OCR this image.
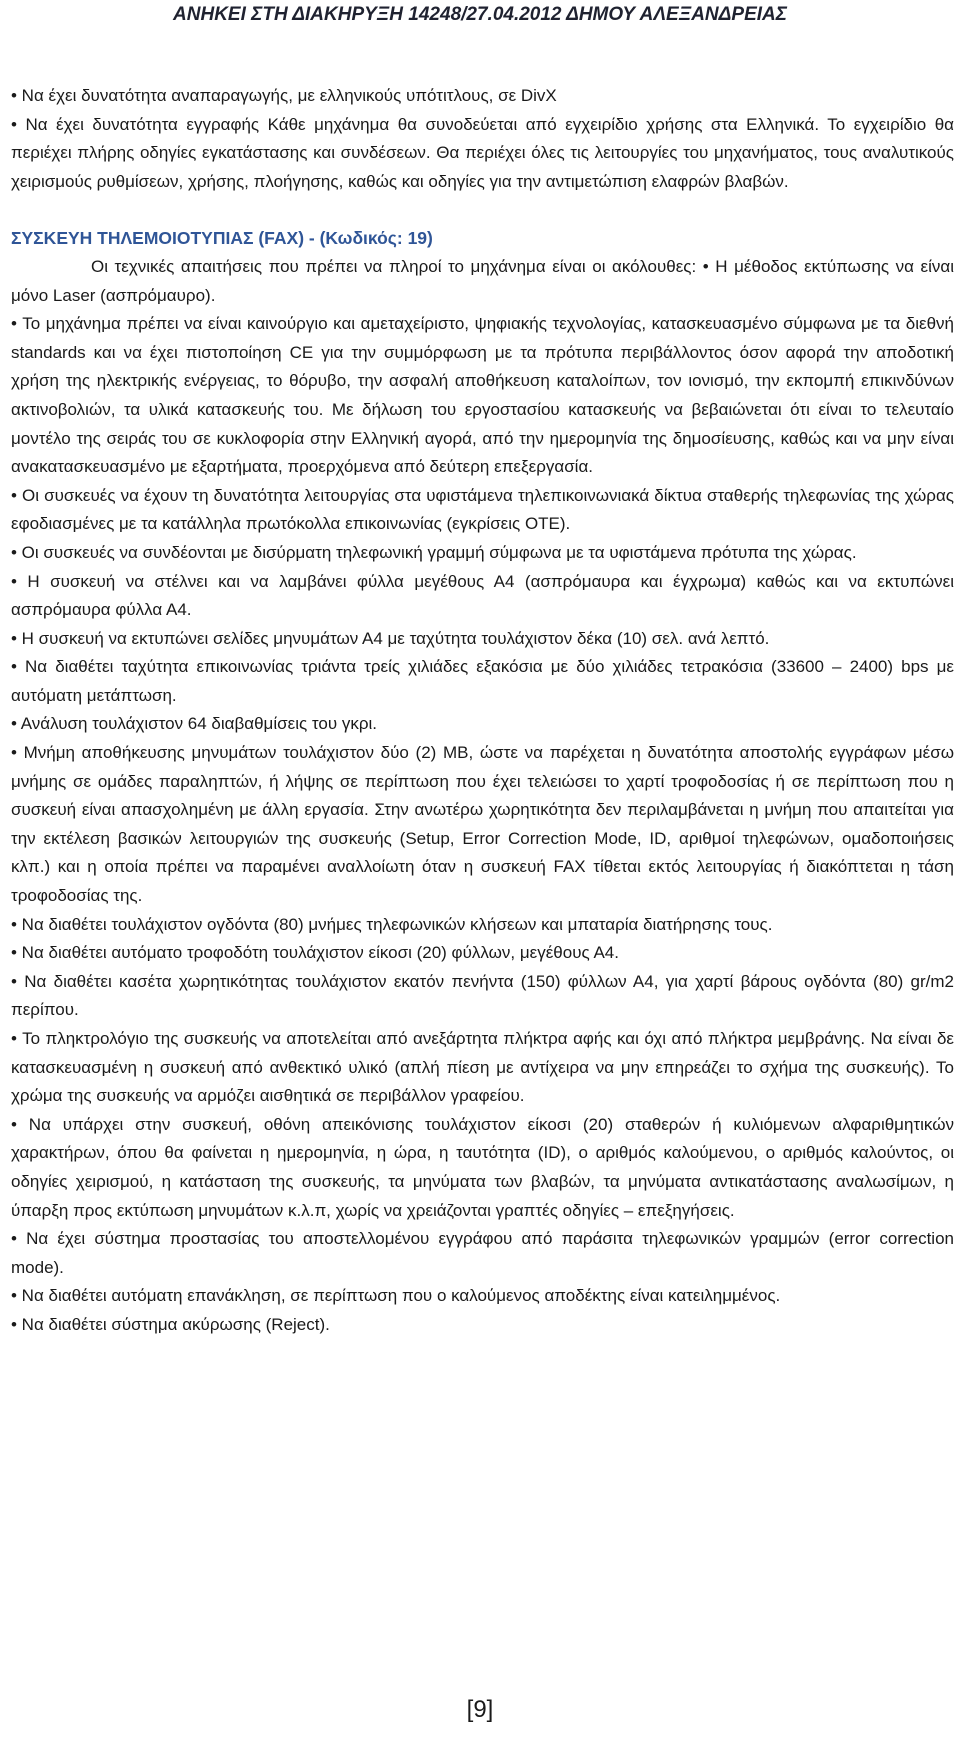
ΑΝΗΚΕΙ ΣΤΗ ΔΙΑΚΗΡΥΞΗ 14248/27.04.2012 ΔΗΜΟΥ ΑΛΕΞΑΝΔΡΕΙΑΣ

• Να έχει δυνατότητα αναπαραγωγής, με ελληνικούς υπότιτλους, σε DivX

• Να έχει δυνατότητα εγγραφής Κάθε μηχάνημα θα συνοδεύεται από εγχειρίδιο χρήσης στα Ελληνικά. Το εγχειρίδιο θα περιέχει πλήρης οδηγίες εγκατάστασης και συνδέσεων. Θα περιέχει όλες τις λειτουργίες του μηχανήματος, τους αναλυτικούς χειρισμούς ρυθμίσεων, χρήσης, πλοήγησης, καθώς και οδηγίες για την αντιμετώπιση ελαφρών βλαβών.

ΣΥΣΚΕΥΗ ΤΗΛΕΜΟΙΟΤΥΠΙΑΣ (FAX) - (Κωδικός: 19)

Οι τεχνικές απαιτήσεις που πρέπει να πληροί το μηχάνημα είναι οι ακόλουθες: • Η μέθοδος εκτύπωσης να είναι μόνο Laser (ασπρόμαυρο).

• Το μηχάνημα πρέπει να είναι καινούργιο και αμεταχείριστο, ψηφιακής τεχνολογίας, κατασκευασμένο σύμφωνα με τα διεθνή standards και να έχει πιστοποίηση CE για την συμμόρφωση με τα πρότυπα περιβάλλοντος όσον αφορά την αποδοτική χρήση της ηλεκτρικής ενέργειας, το θόρυβο, την ασφαλή αποθήκευση καταλοίπων, τον ιονισμό, την εκπομπή επικινδύνων ακτινοβολιών, τα υλικά κατασκευής του. Με δήλωση του εργοστασίου κατασκευής να βεβαιώνεται ότι είναι το τελευταίο μοντέλο της σειράς του σε κυκλοφορία στην Ελληνική αγορά, από την ημερομηνία της δημοσίευσης, καθώς και να μην είναι ανακατασκευασμένο με εξαρτήματα, προερχόμενα από δεύτερη επεξεργασία.

• Οι συσκευές να έχουν τη δυνατότητα λειτουργίας στα υφιστάμενα τηλεπικοινωνιακά δίκτυα σταθερής τηλεφωνίας της χώρας εφοδιασμένες με τα κατάλληλα πρωτόκολλα επικοινωνίας (εγκρίσεις ΟΤΕ).

• Οι συσκευές να συνδέονται με δισύρματη τηλεφωνική γραμμή σύμφωνα με τα υφιστάμενα πρότυπα της χώρας.

• Η συσκευή να στέλνει και να λαμβάνει φύλλα μεγέθους Α4 (ασπρόμαυρα και έγχρωμα) καθώς και να εκτυπώνει ασπρόμαυρα φύλλα Α4.

• Η συσκευή να εκτυπώνει σελίδες μηνυμάτων Α4 με ταχύτητα τουλάχιστον δέκα (10) σελ. ανά λεπτό.

• Να διαθέτει ταχύτητα επικοινωνίας τριάντα τρείς χιλιάδες εξακόσια με δύο χιλιάδες τετρακόσια (33600 – 2400) bps με αυτόματη μετάπτωση.

• Ανάλυση τουλάχιστον 64 διαβαθμίσεις του γκρι.

• Μνήμη αποθήκευσης μηνυμάτων τουλάχιστον δύο (2) MB, ώστε να παρέχεται η δυνατότητα αποστολής εγγράφων μέσω μνήμης σε ομάδες παραληπτών, ή λήψης σε περίπτωση που έχει τελειώσει το χαρτί τροφοδοσίας ή σε περίπτωση που η συσκευή είναι απασχολημένη με άλλη εργασία. Στην ανωτέρω χωρητικότητα δεν περιλαμβάνεται η μνήμη που απαιτείται για την εκτέλεση βασικών λειτουργιών της συσκευής (Setup, Error Correction Mode, ID, αριθμοί τηλεφώνων, ομαδοποιήσεις κλπ.) και η οποία πρέπει να παραμένει αναλλοίωτη όταν η συσκευή FAX τίθεται εκτός λειτουργίας ή διακόπτεται η τάση τροφοδοσίας της.

• Να διαθέτει τουλάχιστον ογδόντα (80) μνήμες τηλεφωνικών κλήσεων και μπαταρία διατήρησης τους.

• Να διαθέτει αυτόματο τροφοδότη τουλάχιστον είκοσι (20) φύλλων, μεγέθους Α4.

• Να διαθέτει κασέτα χωρητικότητας τουλάχιστον εκατόν πενήντα (150) φύλλων Α4, για χαρτί βάρους ογδόντα (80) gr/m2 περίπου.

• Το πληκτρολόγιο της συσκευής να αποτελείται από ανεξάρτητα πλήκτρα αφής και όχι από πλήκτρα μεμβράνης. Να είναι δε κατασκευασμένη η συσκευή από ανθεκτικό υλικό (απλή πίεση με αντίχειρα να μην επηρεάζει το σχήμα της συσκευής). Το χρώμα της συσκευής να αρμόζει αισθητικά σε περιβάλλον γραφείου.

• Να υπάρχει στην συσκευή, οθόνη απεικόνισης τουλάχιστον είκοσι (20) σταθερών ή κυλιόμενων αλφαριθμητικών χαρακτήρων, όπου θα φαίνεται η ημερομηνία, η ώρα, η ταυτότητα (ID), ο αριθμός καλούμενου, ο αριθμός καλούντος, οι οδηγίες χειρισμού, η κατάσταση της συσκευής, τα μηνύματα των βλαβών, τα μηνύματα αντικατάστασης αναλωσίμων, η ύπαρξη προς εκτύπωση μηνυμάτων κ.λ.π, χωρίς να χρειάζονται γραπτές οδηγίες – επεξηγήσεις.

• Να έχει σύστημα προστασίας του αποστελλομένου εγγράφου από παράσιτα τηλεφωνικών γραμμών (error correction mode).

• Να διαθέτει αυτόματη επανάκληση, σε περίπτωση που ο καλούμενος αποδέκτης είναι κατειλημμένος.

• Να διαθέτει σύστημα ακύρωσης (Reject).

[9]
